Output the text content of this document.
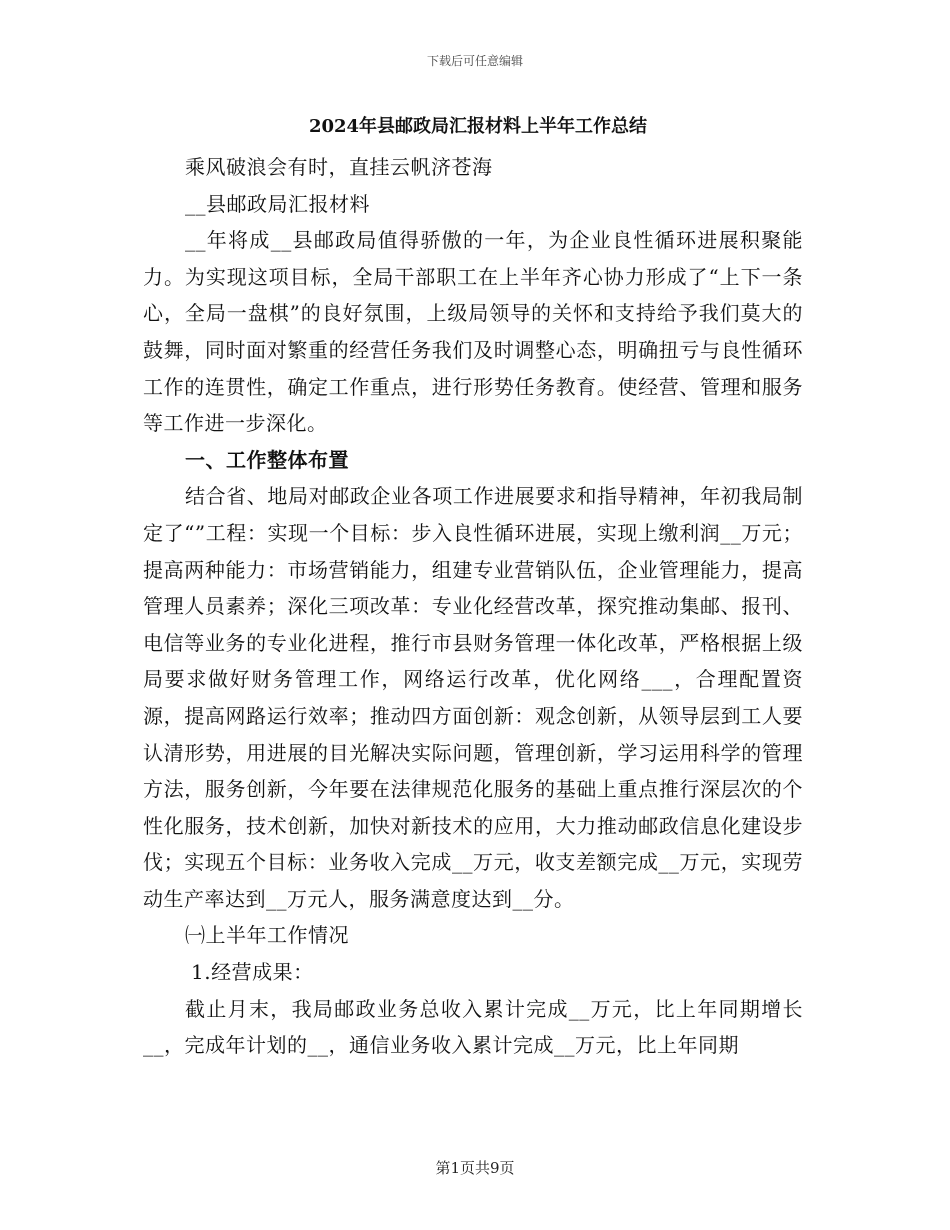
下载后可任意编辑
2024年县邮政局汇报材料上半年工作总结

乘风破浪会有时，直挂云帆济苍海

__县邮政局汇报材料

__年将成__县邮政局值得骄傲的一年，为企业良性循环进展积聚能力。为实现这项目标，全局干部职工在上半年齐心协力形成了“上下一条心，全局一盘棋”的良好氛围，上级局领导的关怀和支持给予我们莫大的鼓舞，同时面对繁重的经营任务我们及时调整心态，明确扭亏与良性循环工作的连贯性，确定工作重点，进行形势任务教育。使经营、管理和服务等工作进一步深化。

一、工作整体布置

结合省、地局对邮政企业各项工作进展要求和指导精神，年初我局制定了“”工程：实现一个目标：步入良性循环进展，实现上缴利润__万元；提高两种能力：市场营销能力，组建专业营销队伍，企业管理能力，提高管理人员素养；深化三项改革：专业化经营改革，探究推动集邮、报刊、电信等业务的专业化进程，推行市县财务管理一体化改革，严格根据上级局要求做好财务管理工作，网络运行改革，优化网络___，合理配置资源，提高网路运行效率；推动四方面创新：观念创新，从领导层到工人要认清形势，用进展的目光解决实际问题，管理创新，学习运用科学的管理方法，服务创新，今年要在法律规范化服务的基础上重点推行深层次的个性化服务，技术创新，加快对新技术的应用，大力推动邮政信息化建设步伐；实现五个目标：业务收入完成__万元，收支差额完成__万元，实现劳动生产率达到__万元人，服务满意度达到__分。

㈠上半年工作情况

1.经营成果：

截止月末，我局邮政业务总收入累计完成__万元，比上年同期增长__，完成年计划的__，通信业务收入累计完成__万元，比上年同期

第1页共9页
